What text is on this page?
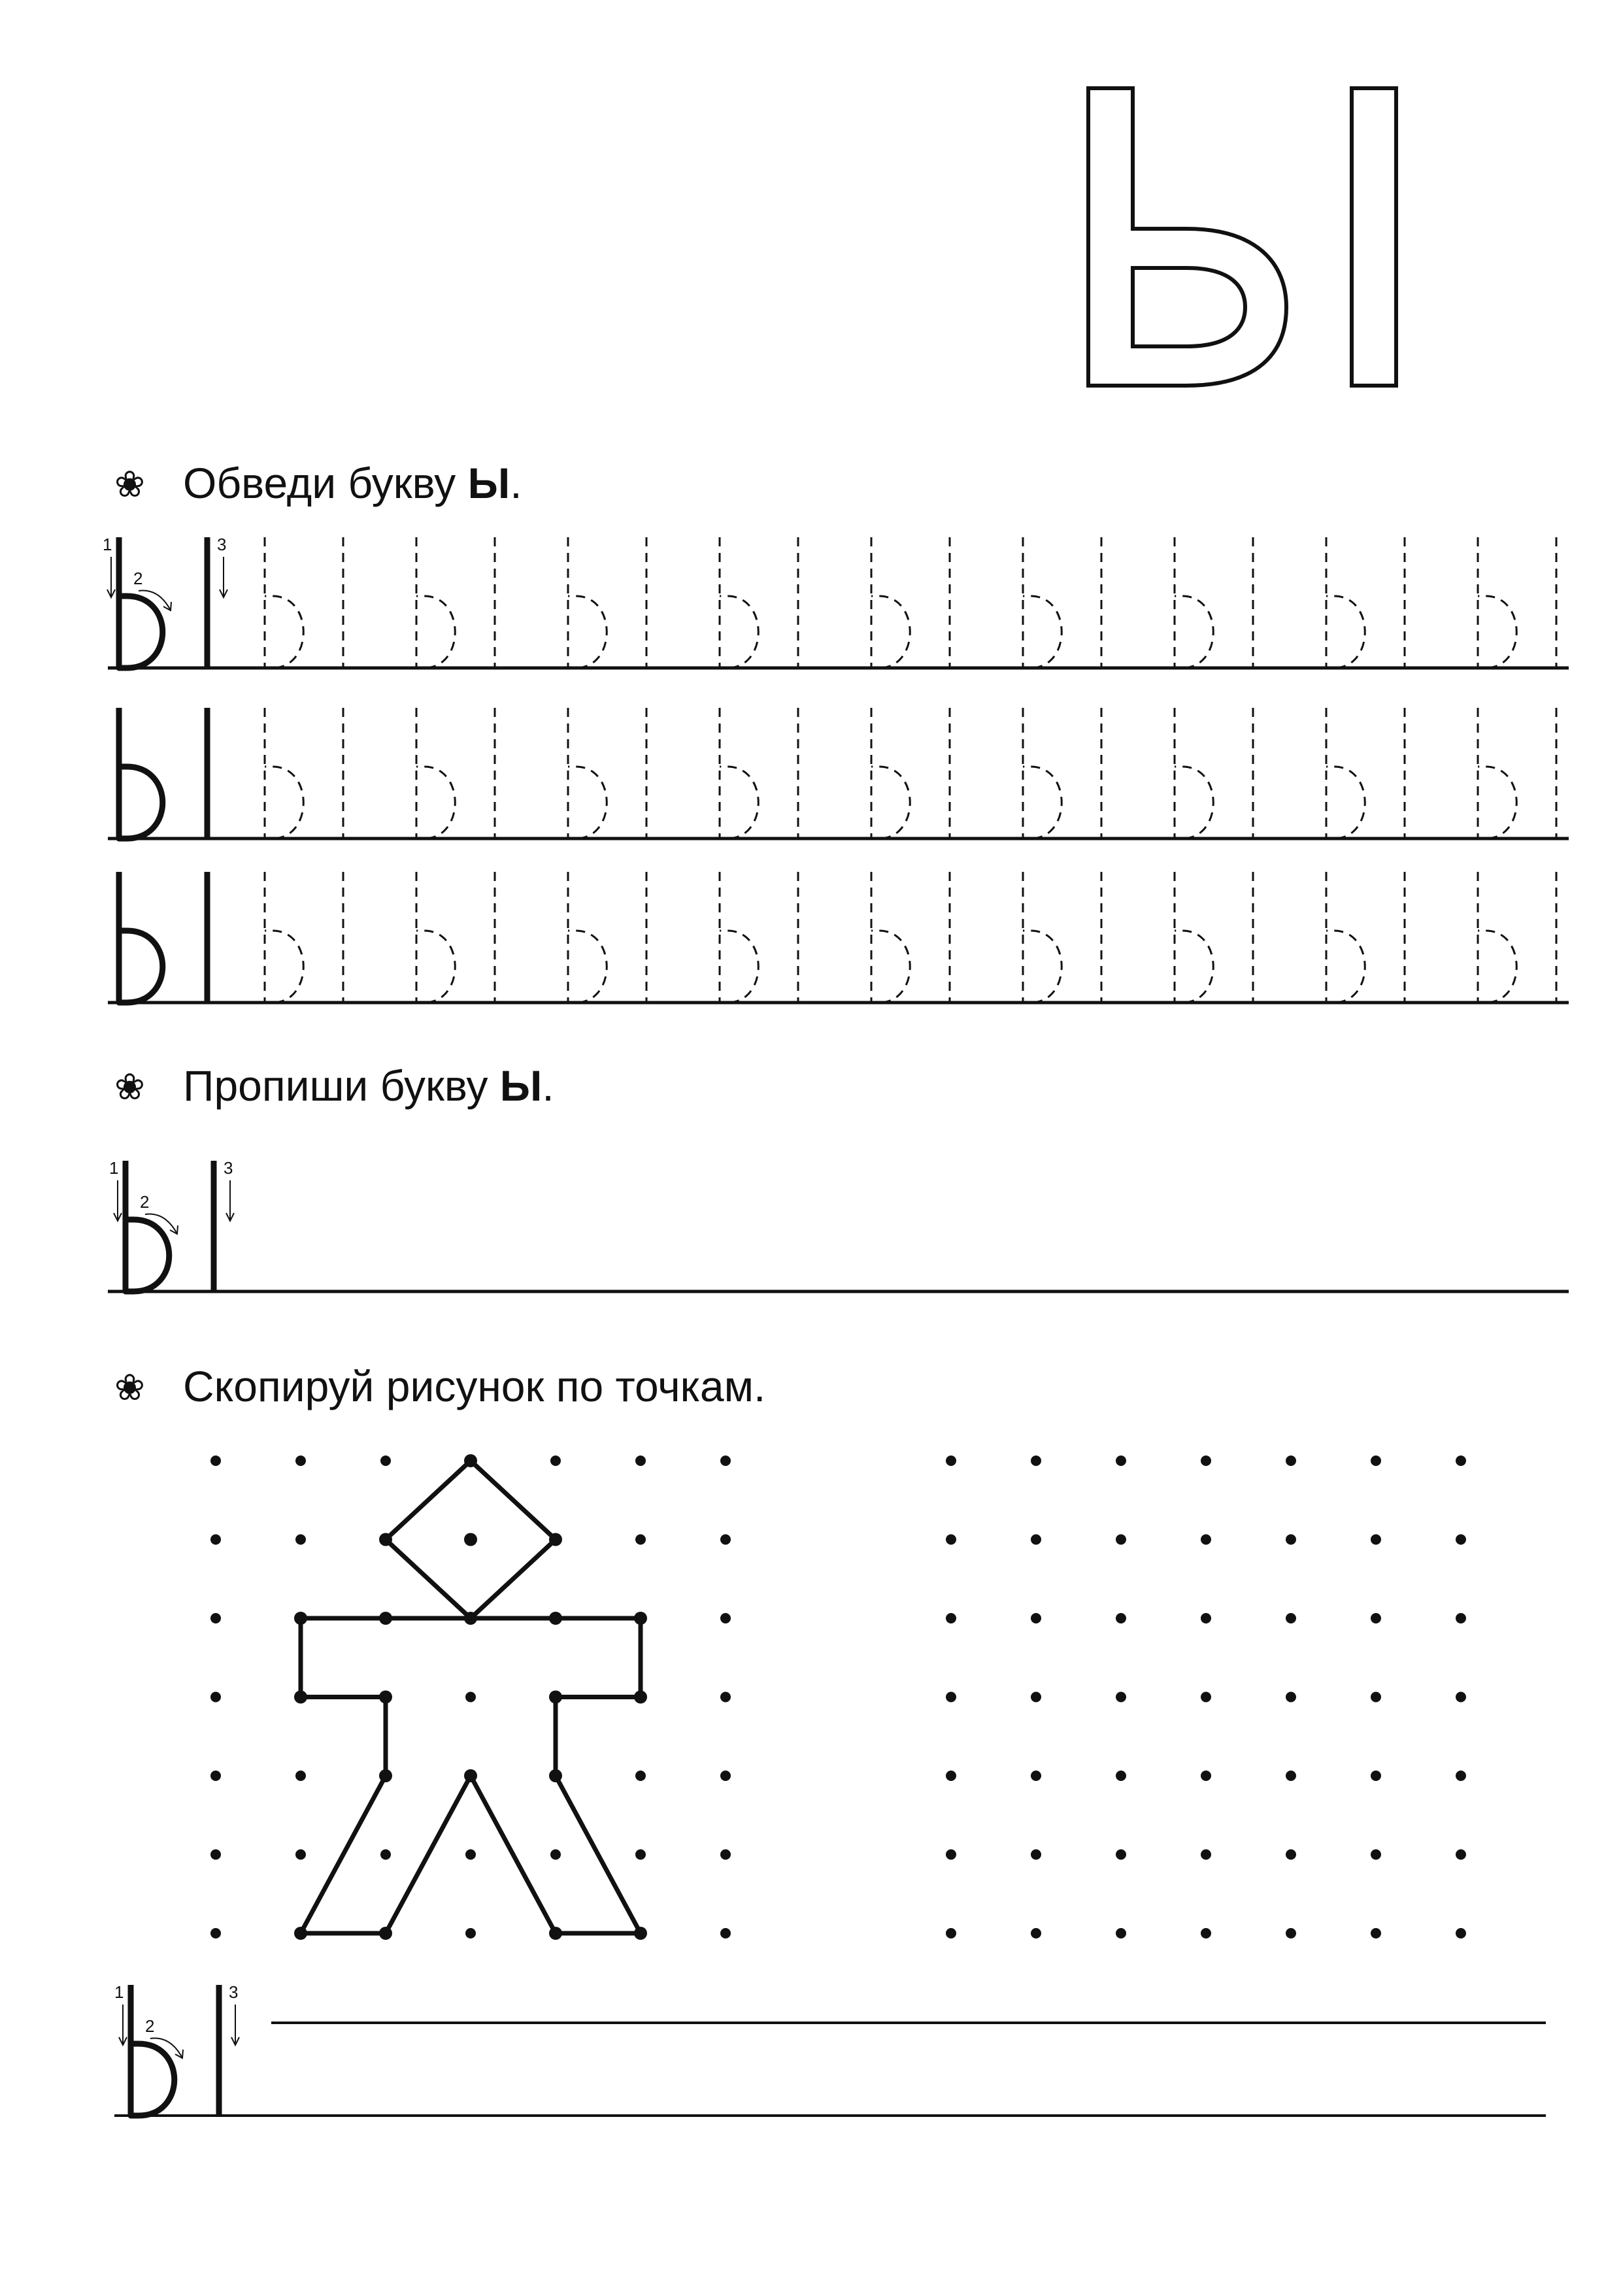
❀ Обведи букву Ы.
1
2
3
❀ Пропиши букву Ы.
1
2
3
❀ Скопируй рисунок по точкам.
1
2
3
